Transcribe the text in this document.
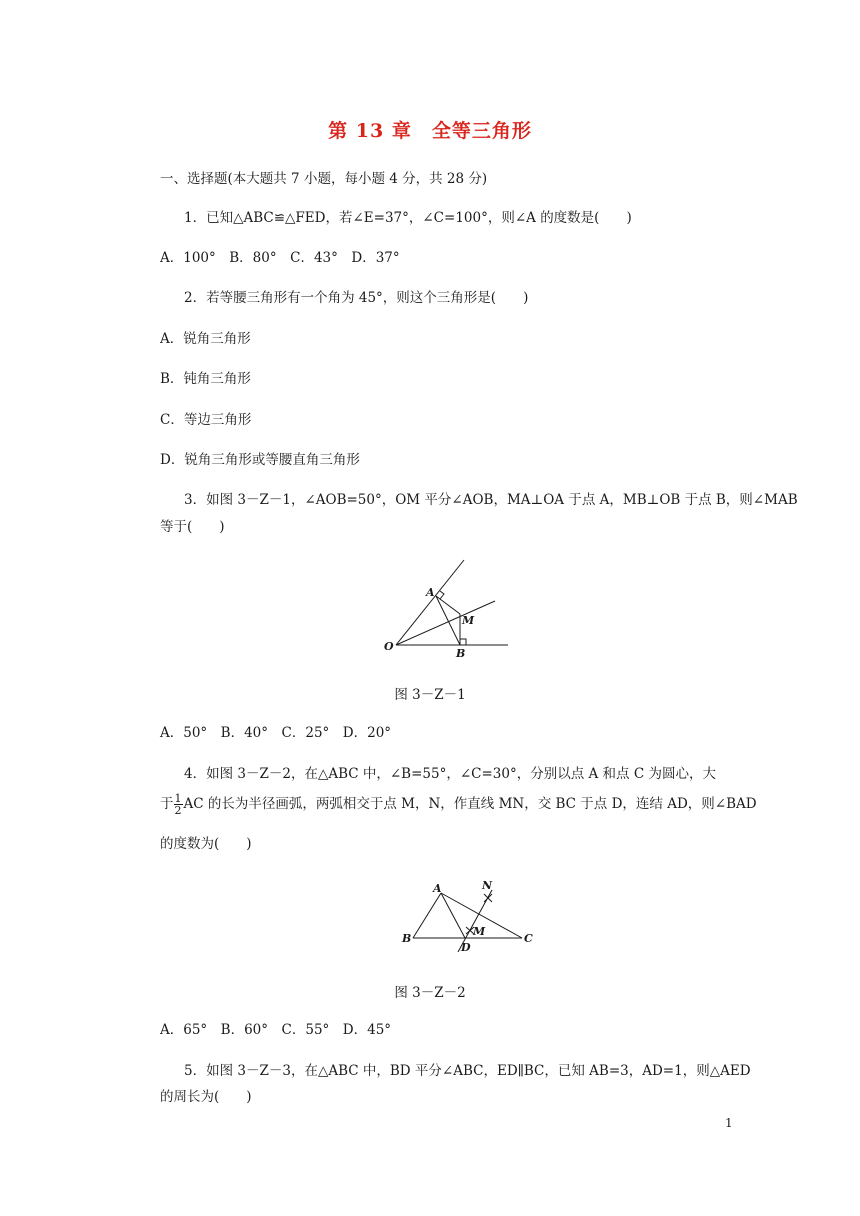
第 13 章　全等三角形
一、选择题(本大题共 7 小题，每小题 4 分，共 28 分)
1．已知△ABC≌△FED，若∠E=37°，∠C=100°，则∠A 的度数是(　　)
A．100°　B．80°　C．43°　D．37°
2．若等腰三角形有一个角为 45°，则这个三角形是(　　)
A．锐角三角形
B．钝角三角形
C．等边三角形
D．锐角三角形或等腰直角三角形
3．如图 3－Z－1，∠AOB=50°，OM 平分∠AOB，MA⊥OA 于点 A，MB⊥OB 于点 B，则∠MAB
等于(　　)
A
M
O
B
图 3－Z－1
A．50°　B．40°　C．25°　D．20°
4．如图 3－Z－2，在△ABC 中，∠B=55°，∠C=30°，分别以点 A 和点 C 为圆心，大
于 $\frac{1}{2}$ AC 的长为半径画弧，两弧相交于点 M，N，作直线 MN，交 BC 于点 D，连结 AD，则∠BAD
的度数为(　　)
A	N
M
B
D
C
图 3－Z－2
A．65°　B．60°　C．55°　D．45°
5．如图 3－Z－3，在△ABC 中，BD 平分∠ABC，ED∥BC，已知 AB=3，AD=1，则△AED
的周长为(　　)
1
